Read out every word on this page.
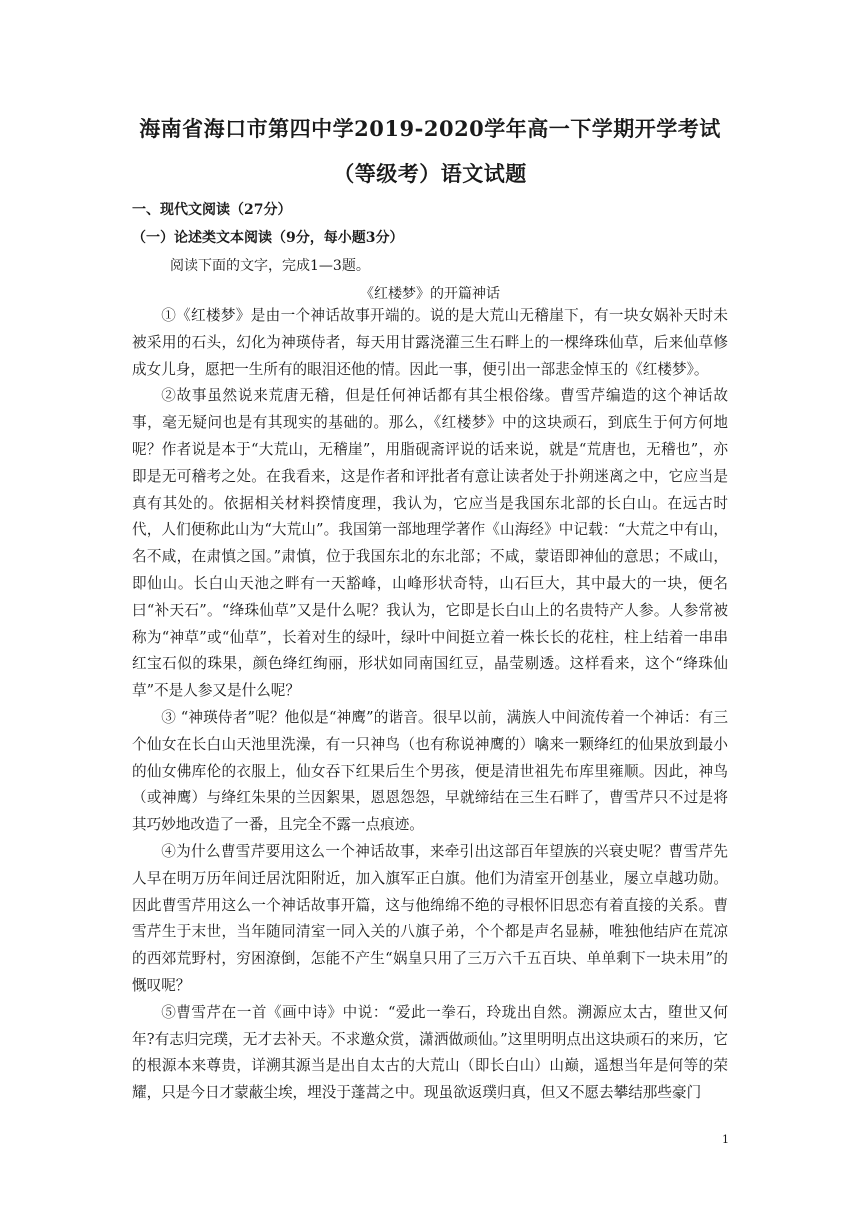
海南省海口市第四中学2019-2020学年高一下学期开学考试
（等级考）语文试题
一、现代文阅读（27分）
（一）论述类文本阅读（9分，每小题3分）
阅读下面的文字，完成1—3题。
《红楼梦》的开篇神话

①《红楼梦》是由一个神话故事开端的。说的是大荒山无稽崖下，有一块女娲补天时未被采用的石头，幻化为神瑛侍者，每天用甘露浇灌三生石畔上的一棵绛珠仙草，后来仙草修成女儿身，愿把一生所有的眼泪还他的情。因此一事，便引出一部悲金悼玉的《红楼梦》。

②故事虽然说来荒唐无稽，但是任何神话都有其尘根俗缘。曹雪芹编造的这个神话故事，毫无疑问也是有其现实的基础的。那么，《红楼梦》中的这块顽石，到底生于何方何地呢？作者说是本于“大荒山，无稽崖”，用脂砚斋评说的话来说，就是“荒唐也，无稽也”，亦即是无可稽考之处。在我看来，这是作者和评批者有意让读者处于扑朔迷离之中，它应当是真有其处的。依据相关材料揆情度理，我认为，它应当是我国东北部的长白山。在远古时代，人们便称此山为“大荒山”。我国第一部地理学著作《山海经》中记载：“大荒之中有山，名不咸，在肃慎之国。”肃慎，位于我国东北的东北部；不咸，蒙语即神仙的意思；不咸山，即仙山。长白山天池之畔有一天豁峰，山峰形状奇特，山石巨大，其中最大的一块，便名曰“补天石”。“绛珠仙草”又是什么呢？我认为，它即是长白山上的名贵特产人参。人参常被称为“神草”或“仙草”，长着对生的绿叶，绿叶中间挺立着一株长长的花柱，柱上结着一串串红宝石似的珠果，颜色绛红绚丽，形状如同南国红豆，晶莹剔透。这样看来，这个“绛珠仙草”不是人参又是什么呢？

③ “神瑛侍者”呢？他似是“神鹰”的谐音。很早以前，满族人中间流传着一个神话：有三个仙女在长白山天池里洗澡，有一只神鸟（也有称说神鹰的）噙来一颗绛红的仙果放到最小的仙女佛库伦的衣服上，仙女吞下红果后生个男孩，便是清世祖先布库里雍顺。因此，神鸟（或神鹰）与绛红朱果的兰因絮果，恩恩怨怨，早就缔结在三生石畔了，曹雪芹只不过是将其巧妙地改造了一番，且完全不露一点痕迹。

④为什么曹雪芹要用这么一个神话故事，来牵引出这部百年望族的兴衰史呢？曹雪芹先人早在明万历年间迁居沈阳附近，加入旗军正白旗。他们为清室开创基业，屡立卓越功勋。因此曹雪芹用这么一个神话故事开篇，这与他绵绵不绝的寻根怀旧思恋有着直接的关系。曹雪芹生于末世，当年随同清室一同入关的八旗子弟，个个都是声名显赫，唯独他结庐在荒凉的西郊荒野村，穷困潦倒，怎能不产生“娲皇只用了三万六千五百块、单单剩下一块未用”的慨叹呢？

⑤曹雪芹在一首《画中诗》中说：“爱此一拳石，玲珑出自然。溯源应太古，堕世又何年?有志归完璞，无才去补天。不求邀众赏，潇洒做顽仙。”这里明明点出这块顽石的来历，它的根源本来尊贵，详溯其源当是出自太古的大荒山（即长白山）山巅，遥想当年是何等的荣耀，只是今日才蒙蔽尘埃，埋没于蓬蒿之中。现虽欲返璞归真，但又不愿去攀结那些豪门

1
